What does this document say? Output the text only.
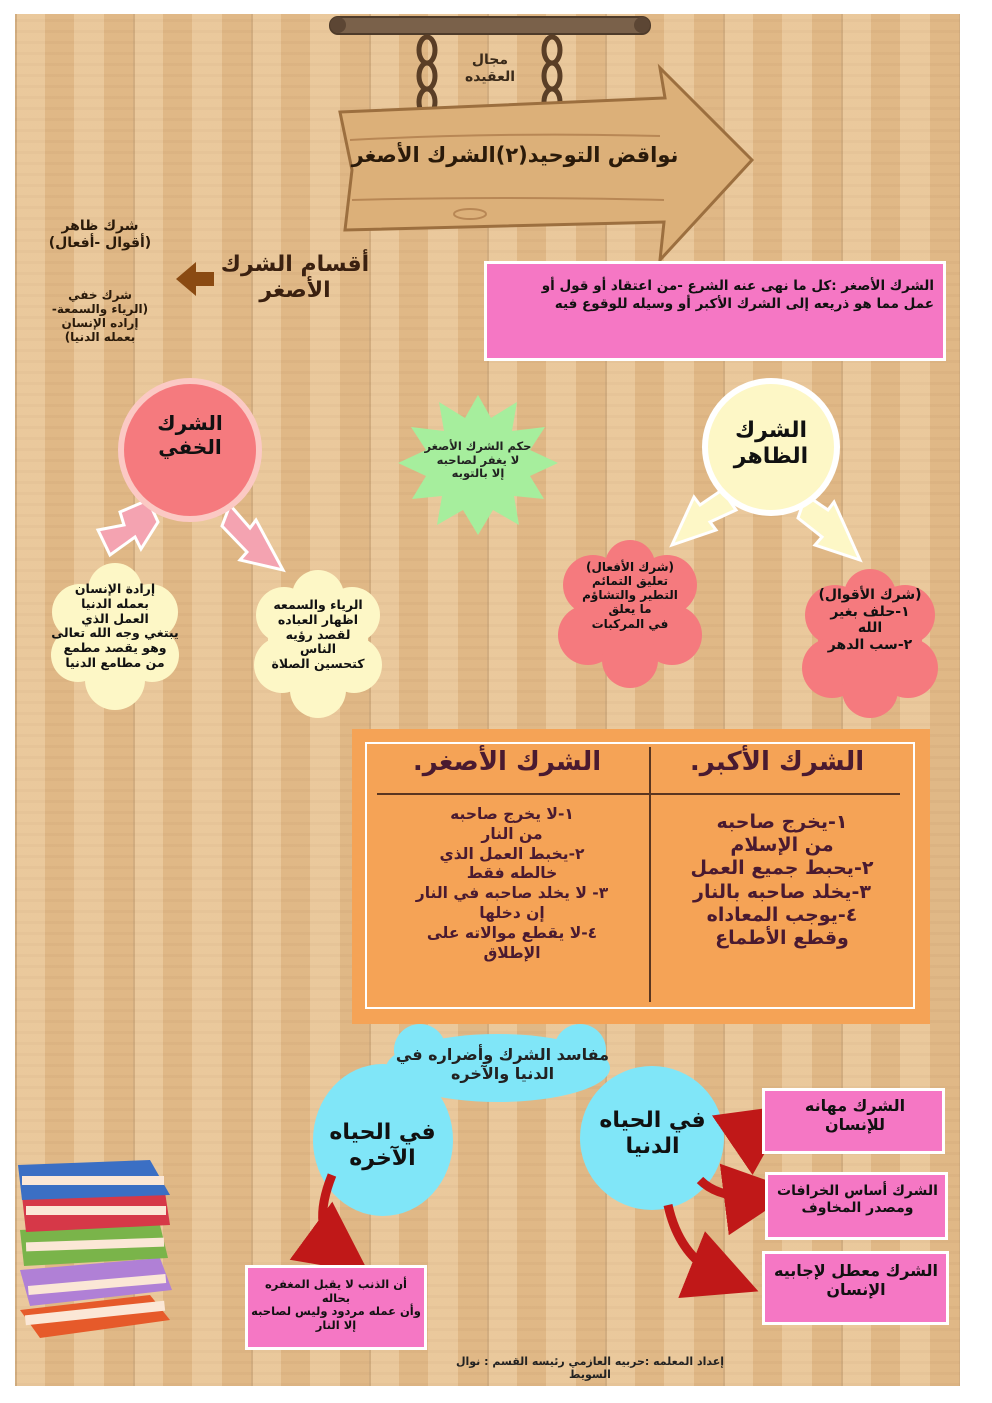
مجال
العقيده
نواقض التوحيد(٢)الشرك الأصغر
أقسام الشرك
الأصغر
شرك ظاهر
(أقوال -أفعال)
شرك خفي
(الرياء والسمعة-
إراده الإنسان
بعمله الدنيا)
الشرك الأصغر :كل ما نهى عنه الشرع -من اعتقاد أو قول أو
عمل مما هو ذريعه إلى الشرك الأكبر أو وسيله للوقوع فيه
حكم الشرك الأصغر
لا يغفر لصاحبه
إلا بالتوبه
الشرك
الخفي
إرادة الإنسان
بعمله الدنيا
العمل الذي
يبتغي وجه الله تعالى
وهو يقصد مطمع
من مطامع الدنيا
الرياء والسمعه
اظهار العباده
لقصد رؤيه
الناس
كتحسين الصلاة
الشرك
الظاهر
(شرك الأفعال)
تعليق التمائم
التطير والتشاؤم
ما يعلق
في المركبات
(شرك الأقوال)
١-حلف بغير
الله
٢-سب الدهر
الشرك الأكبر.
الشرك الأصغر.
١-يخرج صاحبه
من الإسلام
٢-يحبط جميع العمل
٣-يخلد صاحبه بالنار
٤-يوجب المعاداه
وقطع الأطماع
١-لا يخرج صاحبه
من النار
٢-يخبط العمل الذي
خالطه فقط
٣- لا يخلد صاحبه في النار
إن دخلها
٤-لا يقطع موالاته على
الإطلاق
مفاسد الشرك وأضراره في
الدنيا والآخره
في الحياه
الآخره
في الحياه
الدنيا
الشرك مهانه
للإنسان
الشرك أساس الخرافات
ومصدر المخاوف
الشرك معطل لإجابيه
الإنسان
أن الذنب لا يقبل المغفره بحاله
وأن عمله مردود وليس لصاحبه
إلا النار
إعداد المعلمه :حربيه العازمي رئيسه القسم : نوال السويط
